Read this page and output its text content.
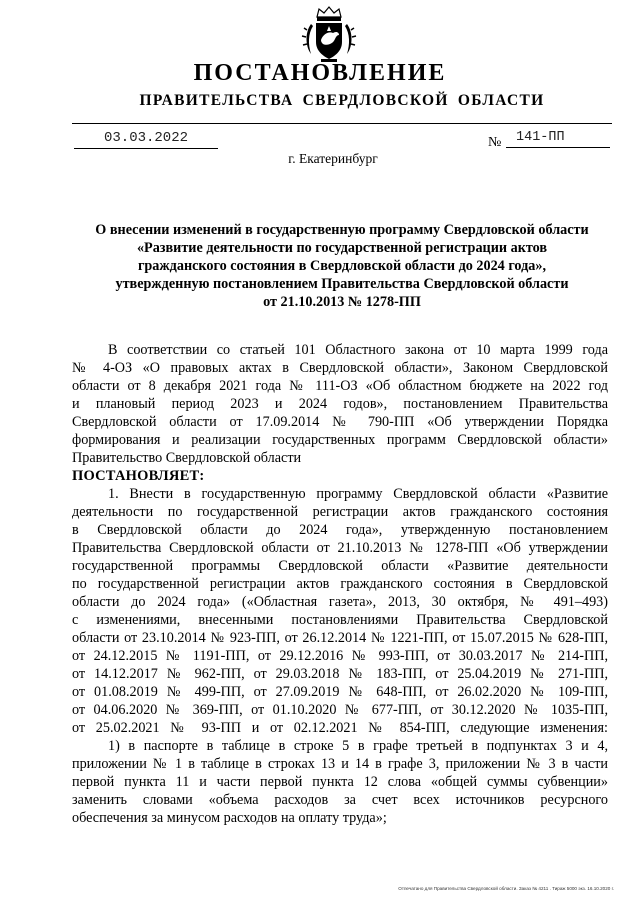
ПОСТАНОВЛЕНИЕ
ПРАВИТЕЛЬСТВА СВЕРДЛОВСКОЙ ОБЛАСТИ
03.03.2022	№	141-ПП
г. Екатеринбург
О внесении изменений в государственную программу Свердловской области
«Развитие деятельности по государственной регистрации актов
гражданского состояния в Свердловской области до 2024 года»,
утвержденную постановлением Правительства Свердловской области
от 21.10.2013 № 1278-ПП
В соответствии со статьей 101 Областного закона от 10 марта 1999 года
№ 4-ОЗ «О правовых актах в Свердловской области», Законом Свердловской
области от 8 декабря 2021 года № 111-ОЗ «Об областном бюджете на 2022 год
и плановый период 2023 и 2024 годов», постановлением Правительства
Свердловской области от 17.09.2014 № 790-ПП «Об утверждении Порядка
формирования и реализации государственных программ Свердловской области»
Правительство Свердловской области
ПОСТАНОВЛЯЕТ:
1. Внести в государственную программу Свердловской области «Развитие
деятельности по государственной регистрации актов гражданского состояния
в Свердловской области до 2024 года», утвержденную постановлением
Правительства Свердловской области от 21.10.2013 № 1278-ПП «Об утверждении
государственной программы Свердловской области «Развитие деятельности
по государственной регистрации актов гражданского состояния в Свердловской
области до 2024 года» («Областная газета», 2013, 30 октября, № 491–493)
с изменениями, внесенными постановлениями Правительства Свердловской
области от 23.10.2014 № 923-ПП, от 26.12.2014 № 1221-ПП, от 15.07.2015 № 628-ПП,
от 24.12.2015 № 1191-ПП, от 29.12.2016 № 993-ПП, от 30.03.2017 № 214-ПП,
от 14.12.2017 № 962-ПП, от 29.03.2018 № 183-ПП, от 25.04.2019 № 271-ПП,
от 01.08.2019 № 499-ПП, от 27.09.2019 № 648-ПП, от 26.02.2020 № 109-ПП,
от 04.06.2020 № 369-ПП, от 01.10.2020 № 677-ПП, от 30.12.2020 № 1035-ПП,
от 25.02.2021 № 93-ПП и от 02.12.2021 № 854-ПП, следующие изменения:
1) в паспорте в таблице в строке 5 в графе третьей в подпунктах 3 и 4,
приложении № 1 в таблице в строках 13 и 14 в графе 3, приложении № 3 в части
первой пункта 11 и части первой пункта 12 слова «общей суммы субвенции»
заменить словами «объема расходов за счет всех источников ресурсного
обеспечения за минусом расходов на оплату труда»;
Отпечатано для Правительства Свердловской области. Заказ № 4211 . Тираж 5000 экз. 16.10.2020 г.
